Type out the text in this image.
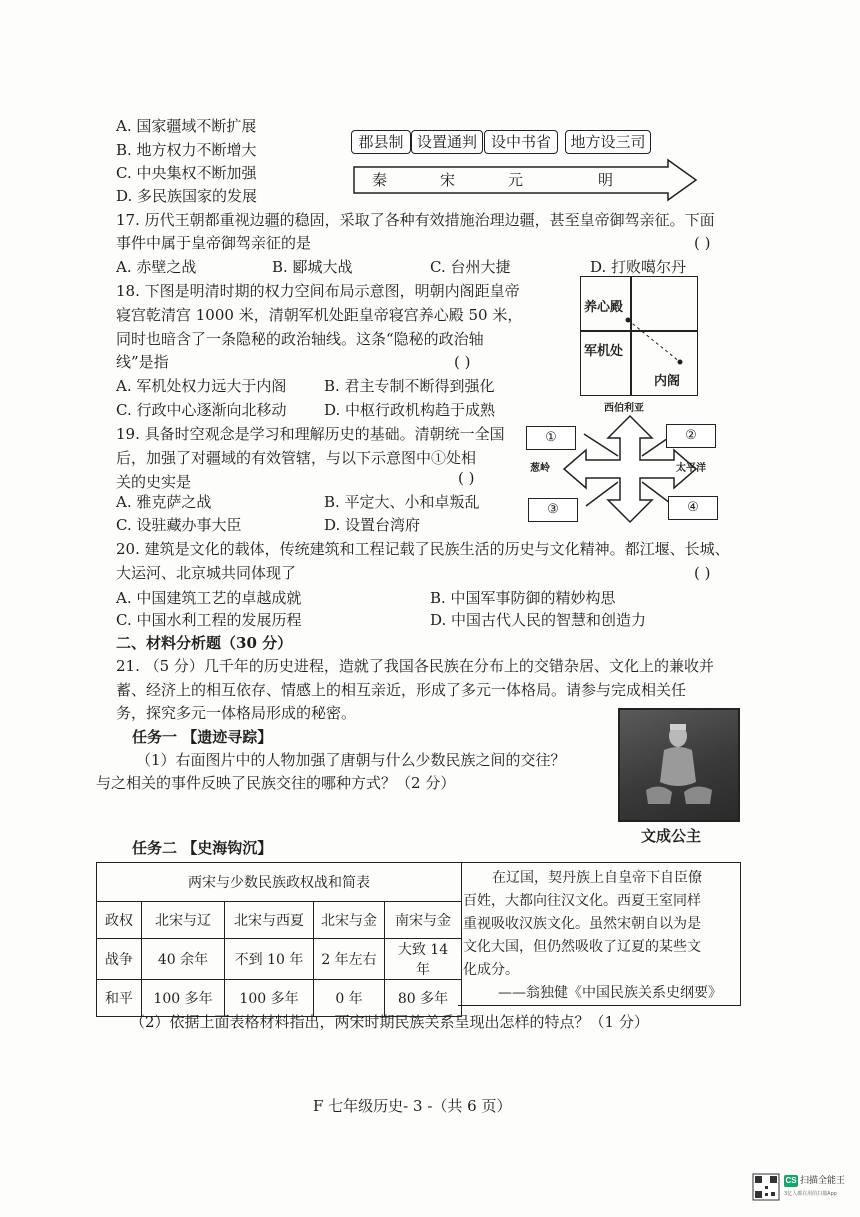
A. 国家疆域不断扩展
B. 地方权力不断增大
C. 中央集权不断加强
D. 多民族国家的发展
郡县制 设置通判 设中书省	地方设三司
秦	宋	元	明
17. 历代王朝都重视边疆的稳固，采取了各种有效措施治理边疆，甚至皇帝御驾亲征。下面
事件中属于皇帝御驾亲征的是	( )
A. 赤壁之战	B. 郾城大战	C. 台州大捷	D. 打败噶尔丹
18. 下图是明清时期的权力空间布局示意图，明朝内阁距皇帝
寝宫乾清宫 1000 米，清朝军机处距皇帝寝宫养心殿 50 米，
同时也暗含了一条隐秘的政治轴线。这条“隐秘的政治轴
线”是指	( )
A. 军机处权力远大于内阁	B. 君主专制不断得到强化
C. 行政中心逐渐向北移动	D. 中枢行政机构趋于成熟
养心殿
军机处
内阁
19. 具备时空观念是学习和理解历史的基础。清朝统一全国
后，加强了对疆域的有效管辖，与以下示意图中①处相
关的史实是	( )
A. 雅克萨之战	B. 平定大、小和卓叛乱
C. 设驻藏办事大臣	D. 设置台湾府
西伯利亚
①	②
③	④
葱岭	太平洋
20. 建筑是文化的载体，传统建筑和工程记载了民族生活的历史与文化精神。都江堰、长城、
大运河、北京城共同体现了	( )
A. 中国建筑工艺的卓越成就	B. 中国军事防御的精妙构思
C. 中国水利工程的发展历程	D. 中国古代人民的智慧和创造力
二、材料分析题（30 分）
21. （5 分）几千年的历史进程，造就了我国各民族在分布上的交错杂居、文化上的兼收并
蓄、经济上的相互依存、情感上的相互亲近，形成了多元一体格局。请参与完成相关任
务，探究多元一体格局形成的秘密。
任务一 【遗迹寻踪】
（1）右面图片中的人物加强了唐朝与什么少数民族之间的交往？
与之相关的事件反映了民族交往的哪种方式？（2 分）
文成公主
任务二 【史海钩沉】
两宋与少数民族政权战和简表				
政权	北宋与辽	北宋与西夏	北宋与金	南宋与金
战争	40 余年	不到 10 年	2 年左右	大致 14 年
和平	100 多年	100 多年	0 年	80 多年
在辽国，契丹族上自皇帝下自臣僚
百姓，大都向往汉文化。西夏王室同样
重视吸收汉族文化。虽然宋朝自以为是
文化大国，但仍然吸收了辽夏的某些文
化成分。
——翁独健《中国民族关系史纲要》
（2）依据上面表格材料指出，两宋时期民族关系呈现出怎样的特点？（1 分）
F 七年级历史- 3 -（共 6 页）
CS 扫描全能王
3亿人都在用的扫描App
